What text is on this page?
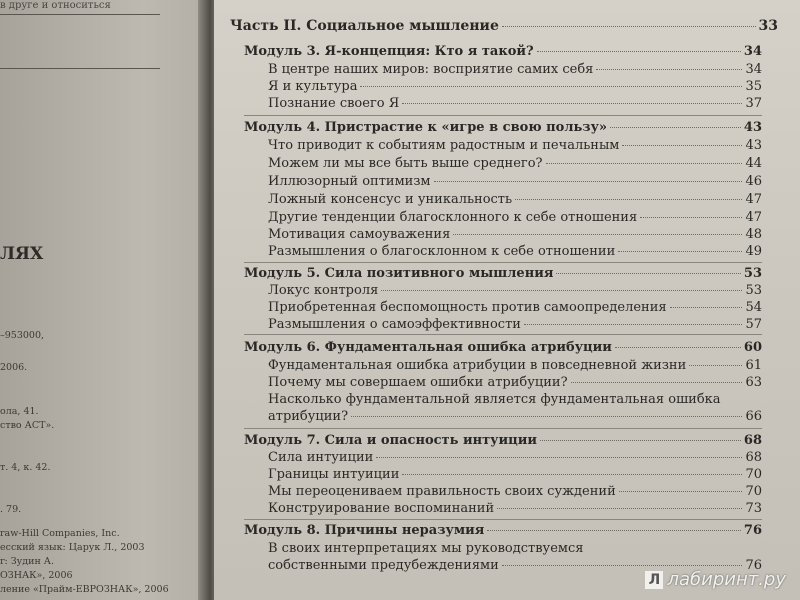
в друге и относиться
ЛЯХ
–953000,
2006.
ола, 41.
ство АСТ».
т. 4, к. 42.
. 79.
raw-Hill Companies, Inc.
есский язык: Царук Л., 2003
r: Зудин А.
ОЗНАК», 2006
ление «Прайм-ЕВРОЗНАК», 2006
Часть II. Социальное мышление	33
Модуль 3. Я-концепция: Кто я такой?	34
В центре наших миров: восприятие самих себя	34
Я и культура	35
Познание своего Я	37
Модуль 4. Пристрастие к «игре в свою пользу»	43
Что приводит к событиям радостным и печальным	43
Можем ли мы все быть выше среднего?	44
Иллюзорный оптимизм	46
Ложный консенсус и уникальность	47
Другие тенденции благосклонного к себе отношения	47
Мотивация самоуважения	48
Размышления о благосклонном к себе отношении	49
Модуль 5. Сила позитивного мышления	53
Локус контроля	53
Приобретенная беспомощность против самоопределения	54
Размышления о самоэффективности	57
Модуль 6. Фундаментальная ошибка атрибуции	60
Фундаментальная ошибка атрибуции в повседневной жизни	61
Почему мы совершаем ошибки атрибуции?	63
Насколько фундаментальной является фундаментальная ошибка
атрибуции?	66
Модуль 7. Сила и опасность интуиции	68
Сила интуиции	68
Границы интуиции	70
Мы переоцениваем правильность своих суждений	70
Конструирование воспоминаний	73
Модуль 8. Причины неразумия	76
В своих интерпретациях мы руководствуемся
собственными предубеждениями	76
Л лабиринт.ру
